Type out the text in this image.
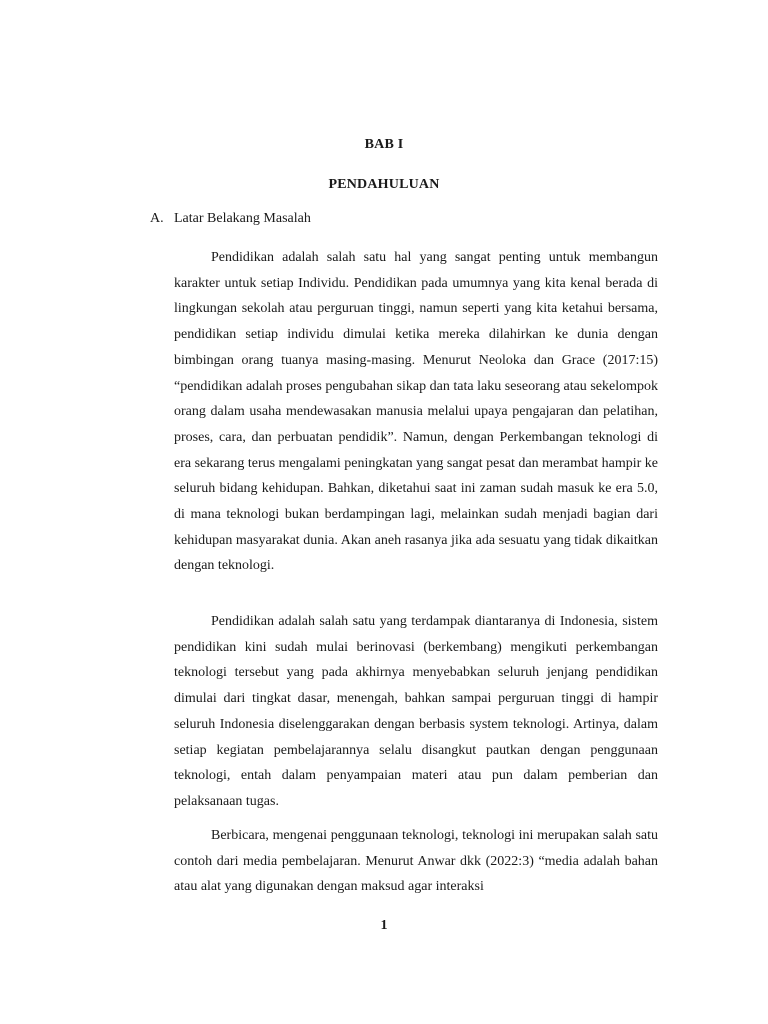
BAB I
PENDAHULUAN
A. Latar Belakang Masalah

Pendidikan adalah salah satu hal yang sangat penting untuk membangun karakter untuk setiap Individu. Pendidikan pada umumnya yang kita kenal berada di lingkungan sekolah atau perguruan tinggi, namun seperti yang kita ketahui bersama, pendidikan setiap individu dimulai ketika mereka dilahirkan ke dunia dengan bimbingan orang tuanya masing-masing. Menurut Neoloka dan Grace (2017:15) “pendidikan adalah proses pengubahan sikap dan tata laku seseorang atau sekelompok orang dalam usaha mendewasakan manusia melalui upaya pengajaran dan pelatihan, proses, cara, dan perbuatan pendidik”. Namun, dengan Perkembangan teknologi di era sekarang terus mengalami peningkatan yang sangat pesat dan merambat hampir ke seluruh bidang kehidupan. Bahkan, diketahui saat ini zaman sudah masuk ke era 5.0, di mana teknologi bukan berdampingan lagi, melainkan sudah menjadi bagian dari kehidupan masyarakat dunia. Akan aneh rasanya jika ada sesuatu yang tidak dikaitkan dengan teknologi.

Pendidikan adalah salah satu yang terdampak diantaranya di Indonesia, sistem pendidikan kini sudah mulai berinovasi (berkembang) mengikuti perkembangan teknologi tersebut yang pada akhirnya menyebabkan seluruh jenjang pendidikan dimulai dari tingkat dasar, menengah, bahkan sampai perguruan tinggi di hampir seluruh Indonesia diselenggarakan dengan berbasis system teknologi. Artinya, dalam setiap kegiatan pembelajarannya selalu disangkut pautkan dengan penggunaan teknologi, entah dalam penyampaian materi atau pun dalam pemberian dan pelaksanaan tugas.

Berbicara, mengenai penggunaan teknologi, teknologi ini merupakan salah satu contoh dari media pembelajaran. Menurut Anwar dkk (2022:3) “media adalah bahan atau alat yang digunakan dengan maksud agar interaksi

1
